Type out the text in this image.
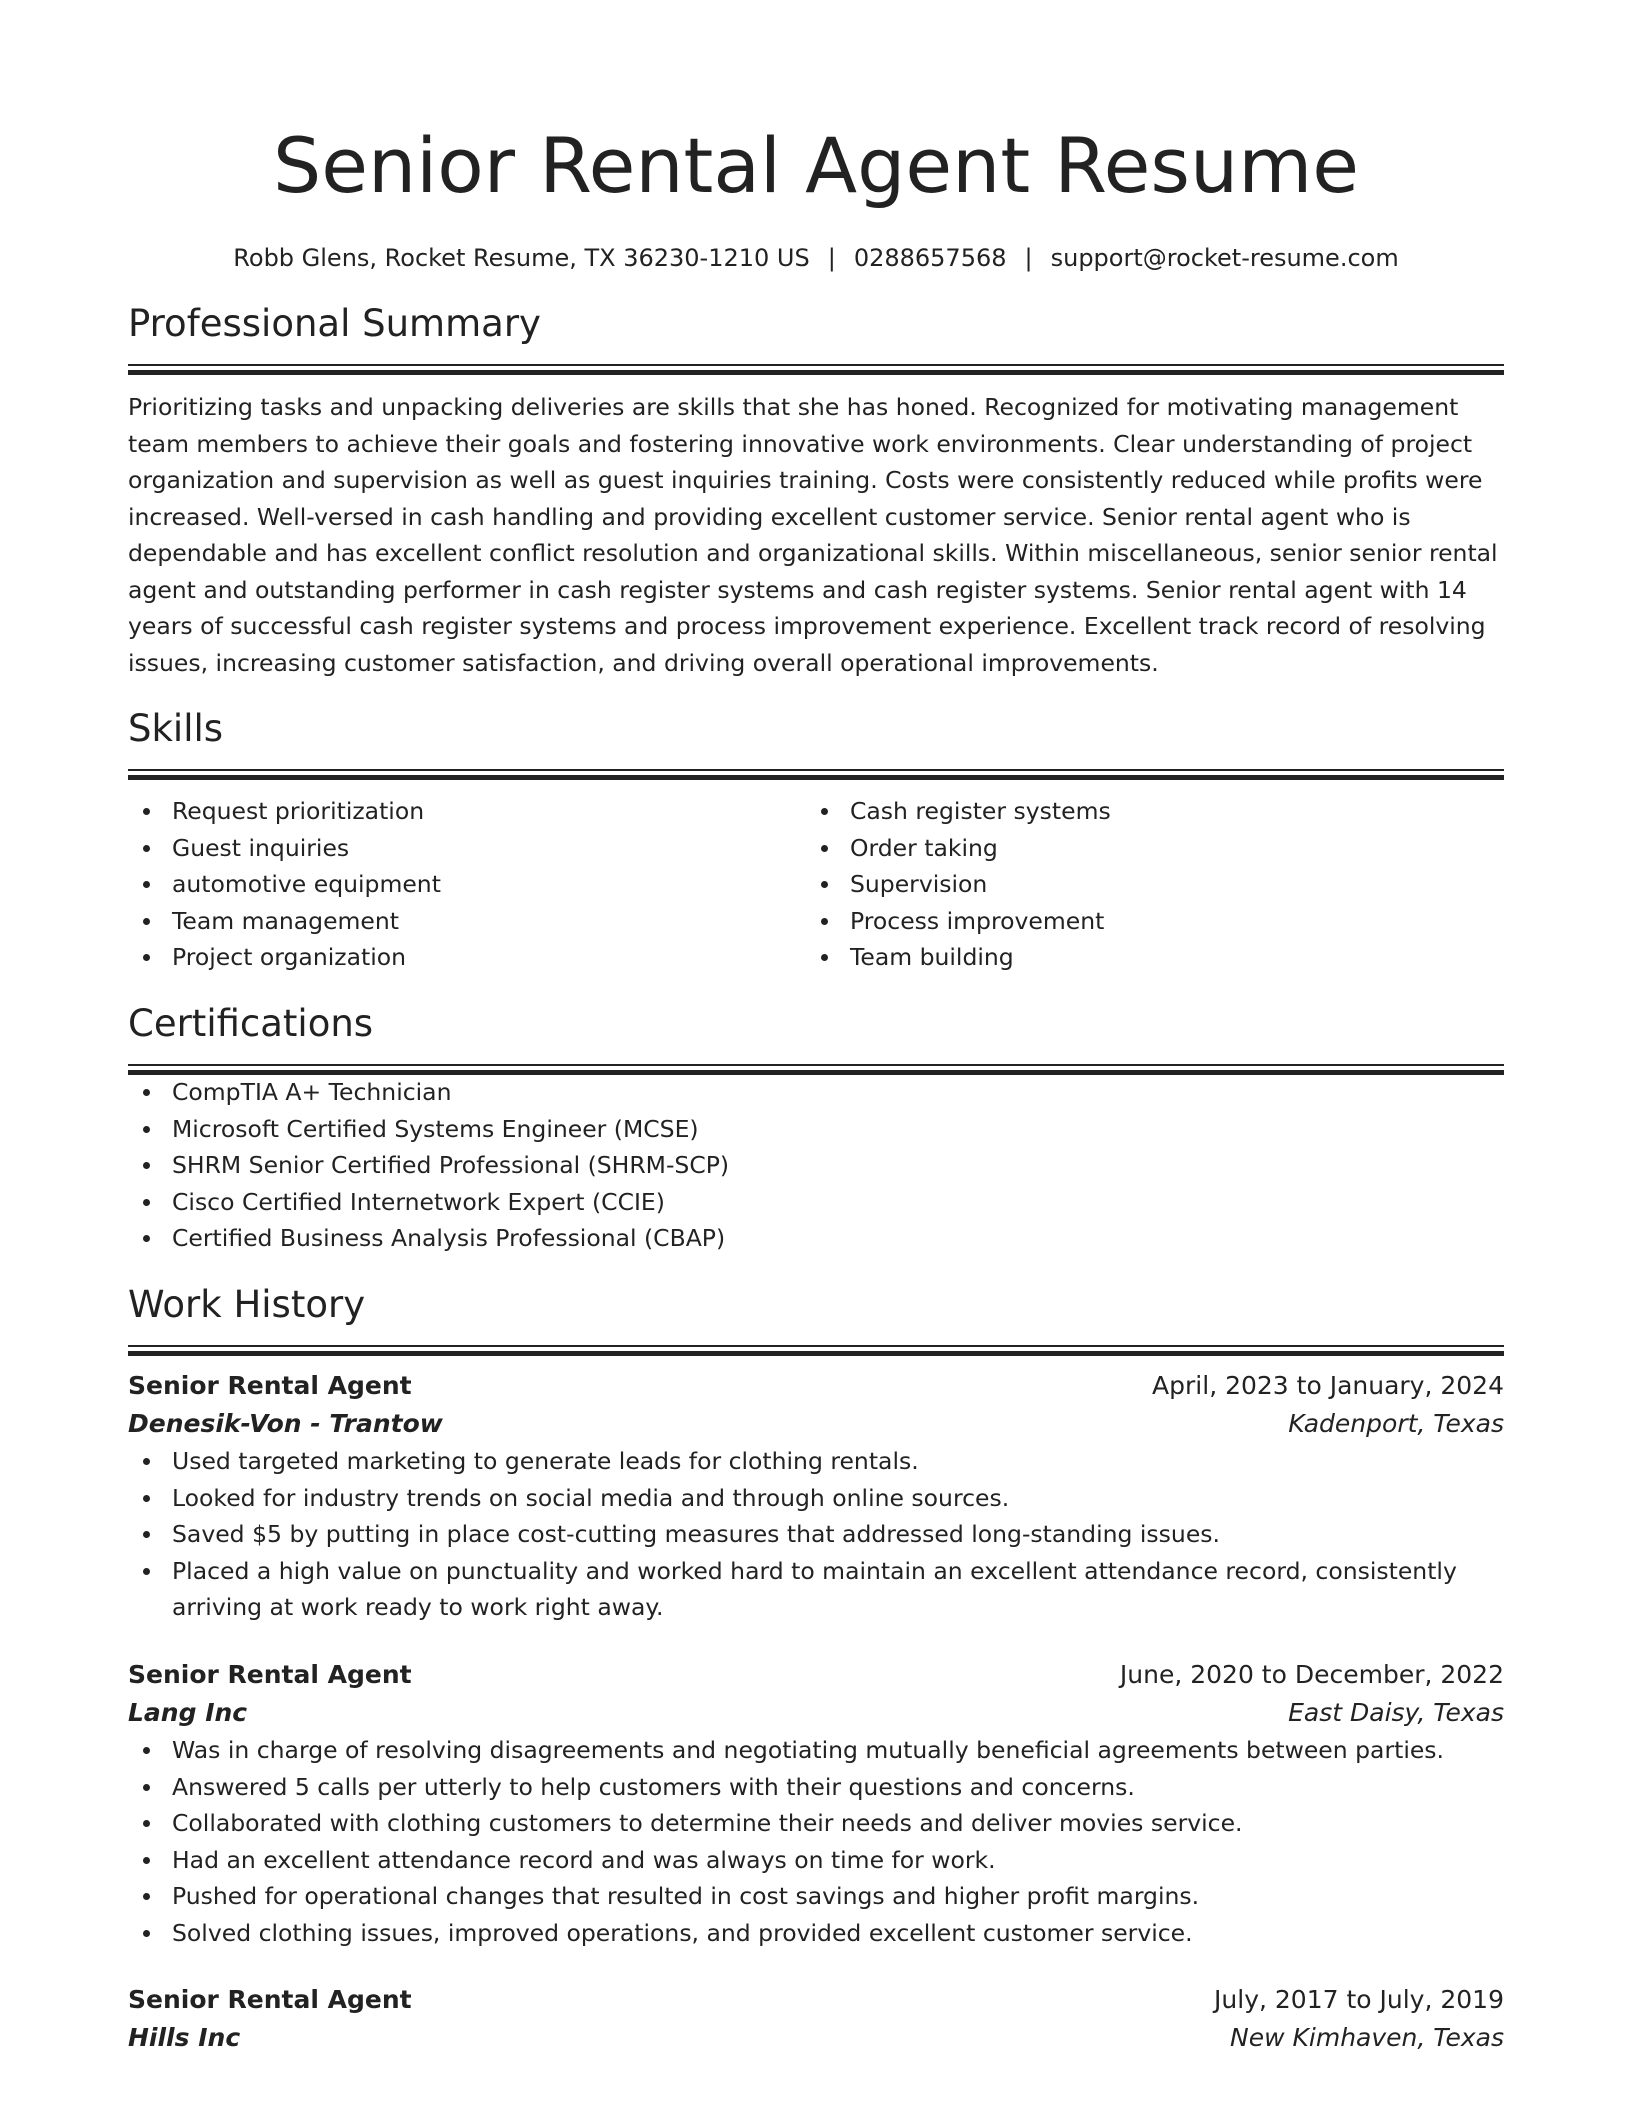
Senior Rental Agent Resume
Robb Glens, Rocket Resume, TX 36230-1210 US | 0288657568 | support@rocket-resume.com
Professional Summary
Prioritizing tasks and unpacking deliveries are skills that she has honed. Recognized for motivating management team members to achieve their goals and fostering innovative work environments. Clear understanding of project organization and supervision as well as guest inquiries training. Costs were consistently reduced while profits were increased. Well-versed in cash handling and providing excellent customer service. Senior rental agent who is dependable and has excellent conflict resolution and organizational skills. Within miscellaneous, senior senior rental agent and outstanding performer in cash register systems and cash register systems. Senior rental agent with 14 years of successful cash register systems and process improvement experience. Excellent track record of resolving issues, increasing customer satisfaction, and driving overall operational improvements.
Skills
Request prioritization
Guest inquiries
automotive equipment
Team management
Project organization
Cash register systems
Order taking
Supervision
Process improvement
Team building
Certifications
CompTIA A+ Technician
Microsoft Certified Systems Engineer (MCSE)
SHRM Senior Certified Professional (SHRM-SCP)
Cisco Certified Internetwork Expert (CCIE)
Certified Business Analysis Professional (CBAP)
Work History
Senior Rental Agent	April, 2023 to January, 2024
Denesik-Von - Trantow	Kadenport, Texas
Used targeted marketing to generate leads for clothing rentals.
Looked for industry trends on social media and through online sources.
Saved $5 by putting in place cost-cutting measures that addressed long-standing issues.
Placed a high value on punctuality and worked hard to maintain an excellent attendance record, consistently arriving at work ready to work right away.
Senior Rental Agent	June, 2020 to December, 2022
Lang Inc	East Daisy, Texas
Was in charge of resolving disagreements and negotiating mutually beneficial agreements between parties.
Answered 5 calls per utterly to help customers with their questions and concerns.
Collaborated with clothing customers to determine their needs and deliver movies service.
Had an excellent attendance record and was always on time for work.
Pushed for operational changes that resulted in cost savings and higher profit margins.
Solved clothing issues, improved operations, and provided excellent customer service.
Senior Rental Agent	July, 2017 to July, 2019
Hills Inc	New Kimhaven, Texas
